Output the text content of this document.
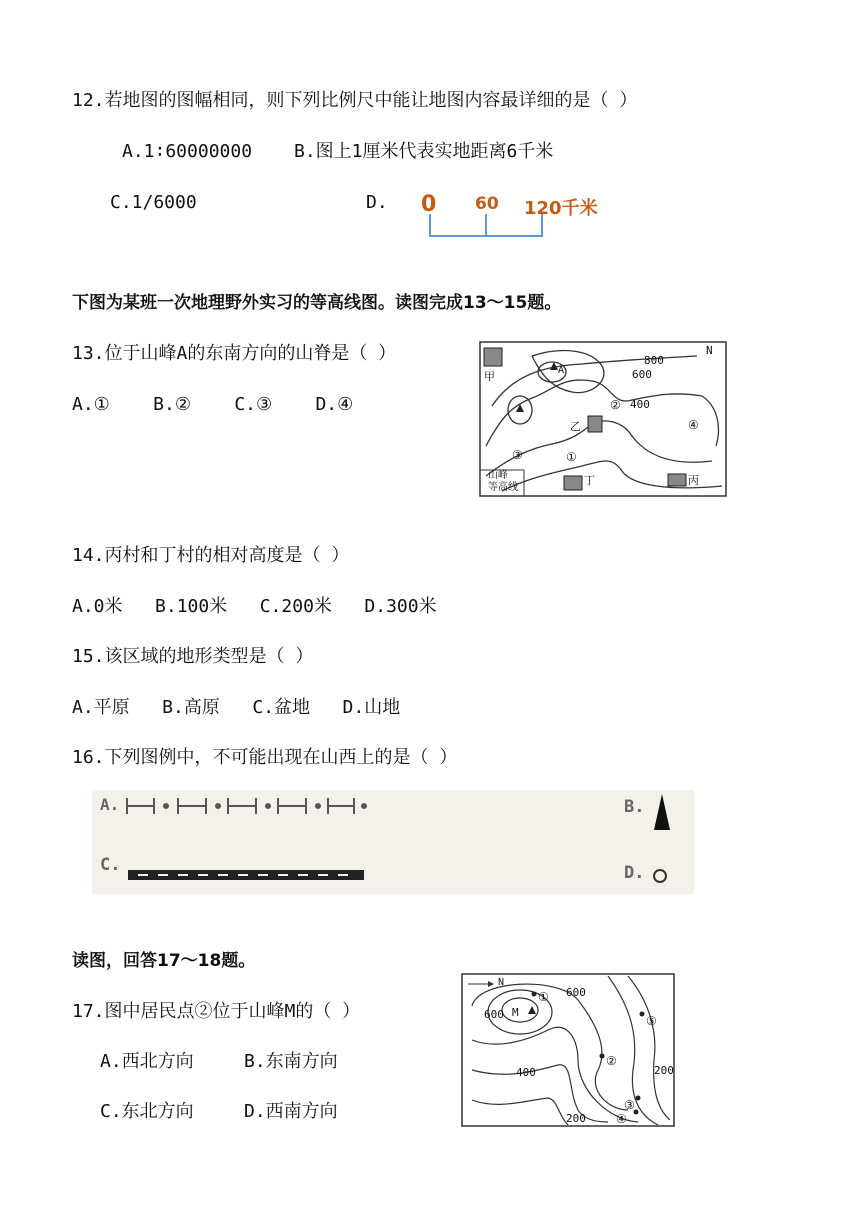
12.若地图的图幅相同，则下列比例尺中能让地图内容最详细的是（ ）
A.1∶60000000 B.图上1厘米代表实地距离6千米
C.1/6000	D. 0 60 120千米
下图为某班一次地理野外实习的等高线图。读图完成13～15题。
13.位于山峰A的东南方向的山脊是（ ）
A.①    B.②    C.③    D.④
N
800
600
400
A
甲
乙
丁	丙
①
②
③
④
山峰
等高线
14.丙村和丁村的相对高度是（ ）
A.0米   B.100米   C.200米   D.300米
15.该区域的地形类型是（ ）
A.平原   B.高原   C.盆地   D.山地
16.下列图例中，不可能出现在山西上的是（ ）
A.	B.
C.	D.
读图，回答17～18题。
17.图中居民点②位于山峰M的（ ）
A.西北方向	B.东南方向
C.东北方向	D.西南方向
N
M
600
600
400
200
200
①
②
③
④
⑤
